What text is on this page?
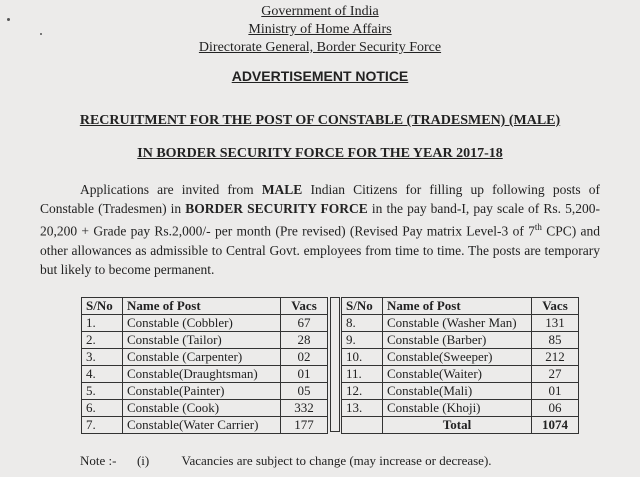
Government of India
Ministry of Home Affairs
Directorate General, Border Security Force
ADVERTISEMENT NOTICE
RECRUITMENT FOR THE POST OF CONSTABLE (TRADESMEN) (MALE)
IN BORDER SECURITY FORCE FOR THE YEAR 2017-18
Applications are invited from MALE Indian Citizens for filling up following posts of Constable (Tradesmen) in BORDER SECURITY FORCE in the pay band-I, pay scale of Rs. 5,200-20,200 + Grade pay Rs.2,000/- per month (Pre revised) (Revised Pay matrix Level-3 of 7th CPC) and other allowances as admissible to Central Govt. employees from time to time. The posts are temporary but likely to become permanent.
S/No	Name of Post	Vacs
1.	Constable (Cobbler)	67
2.	Constable (Tailor)	28
3.	Constable (Carpenter)	02
4.	Constable(Draughtsman)	01
5.	Constable(Painter)	05
6.	Constable (Cook)	332
7.	Constable(Water Carrier)	177
S/No	Name of Post	Vacs
8.	Constable (Washer Man)	131
9.	Constable (Barber)	85
10.	Constable(Sweeper)	212
11.	Constable(Waiter)	27
12.	Constable(Mali)	01
13.	Constable (Khoji)	06
	Total	1074
Note :- (i) Vacancies are subject to change (may increase or decrease).
